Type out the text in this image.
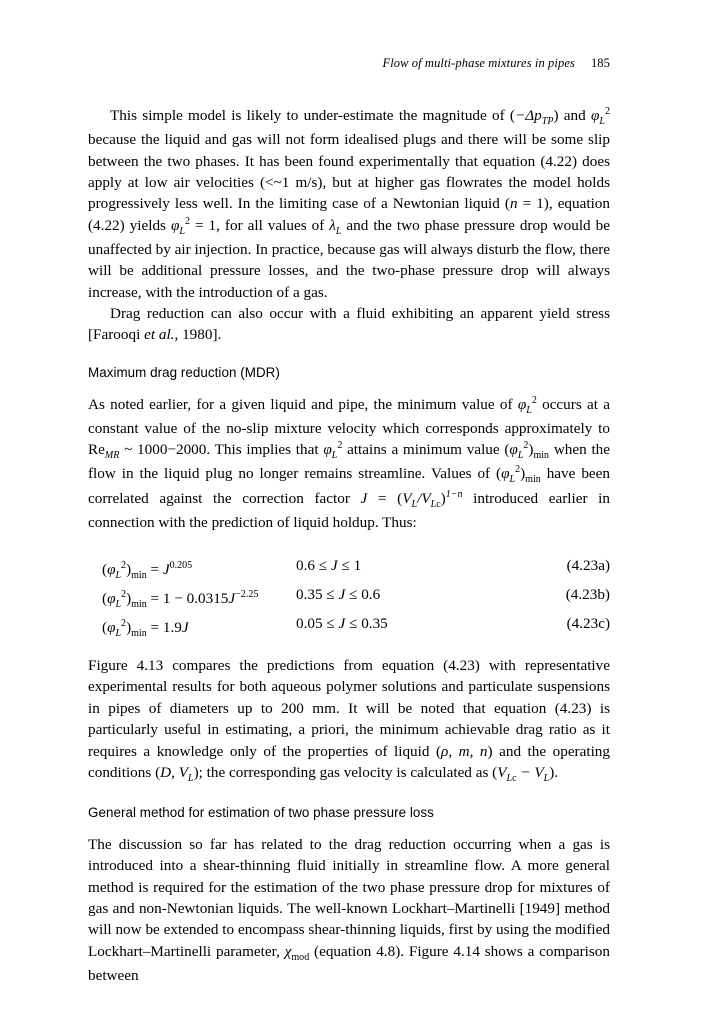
Flow of multi-phase mixtures in pipes 185

This simple model is likely to under-estimate the magnitude of $(-\Delta p_{TP})$ and $\varphi_L^2$ because the liquid and gas will not form idealised plugs and there will be some slip between the two phases. It has been found experimentally that equation (4.22) does apply at low air velocities (<~1 m/s), but at higher gas flowrates the model holds progressively less well. In the limiting case of a Newtonian liquid (n = 1), equation (4.22) yields $\varphi_L^2 = 1$, for all values of $\lambda_L$ and the two phase pressure drop would be unaffected by air injection. In practice, because gas will always disturb the flow, there will be additional pressure losses, and the two-phase pressure drop will always increase, with the introduction of a gas.

Drag reduction can also occur with a fluid exhibiting an apparent yield stress [Farooqi et al., 1980].

Maximum drag reduction (MDR)

As noted earlier, for a given liquid and pipe, the minimum value of $\varphi_L^2$ occurs at a constant value of the no-slip mixture velocity which corresponds approximately to $Re_{MR}$ ~ 1000−2000. This implies that $\varphi_L^2$ attains a minimum value $(\varphi_L^2)_{min}$ when the flow in the liquid plug no longer remains streamline. Values of $(\varphi_L^2)_{min}$ have been correlated against the correction factor $J = (V_L/V_{Lc})^{1-n}$ introduced earlier in connection with the prediction of liquid holdup. Thus:

$(\varphi_L^2)_{min} = J^{0.205}$	0.6 ≤ J ≤ 1	(4.23a)
$(\varphi_L^2)_{min} = 1 - 0.0315J^{-2.25}$ 0.35 ≤ J ≤ 0.6	(4.23b)
$(\varphi_L^2)_{min} = 1.9J$	0.05 ≤ J ≤ 0.35	(4.23c)

Figure 4.13 compares the predictions from equation (4.23) with representative experimental results for both aqueous polymer solutions and particulate suspensions in pipes of diameters up to 200 mm. It will be noted that equation (4.23) is particularly useful in estimating, a priori, the minimum achievable drag ratio as it requires a knowledge only of the properties of liquid (ρ, m, n) and the operating conditions (D, $V_L$); the corresponding gas velocity is calculated as $(V_{Lc} - V_L)$.

General method for estimation of two phase pressure loss

The discussion so far has related to the drag reduction occurring when a gas is introduced into a shear-thinning fluid initially in streamline flow. A more general method is required for the estimation of the two phase pressure drop for mixtures of gas and non-Newtonian liquids. The well-known Lockhart–Martinelli [1949] method will now be extended to encompass shear-thinning liquids, first by using the modified Lockhart–Martinelli parameter, $\chi_{mod}$ (equation 4.8). Figure 4.14 shows a comparison between
